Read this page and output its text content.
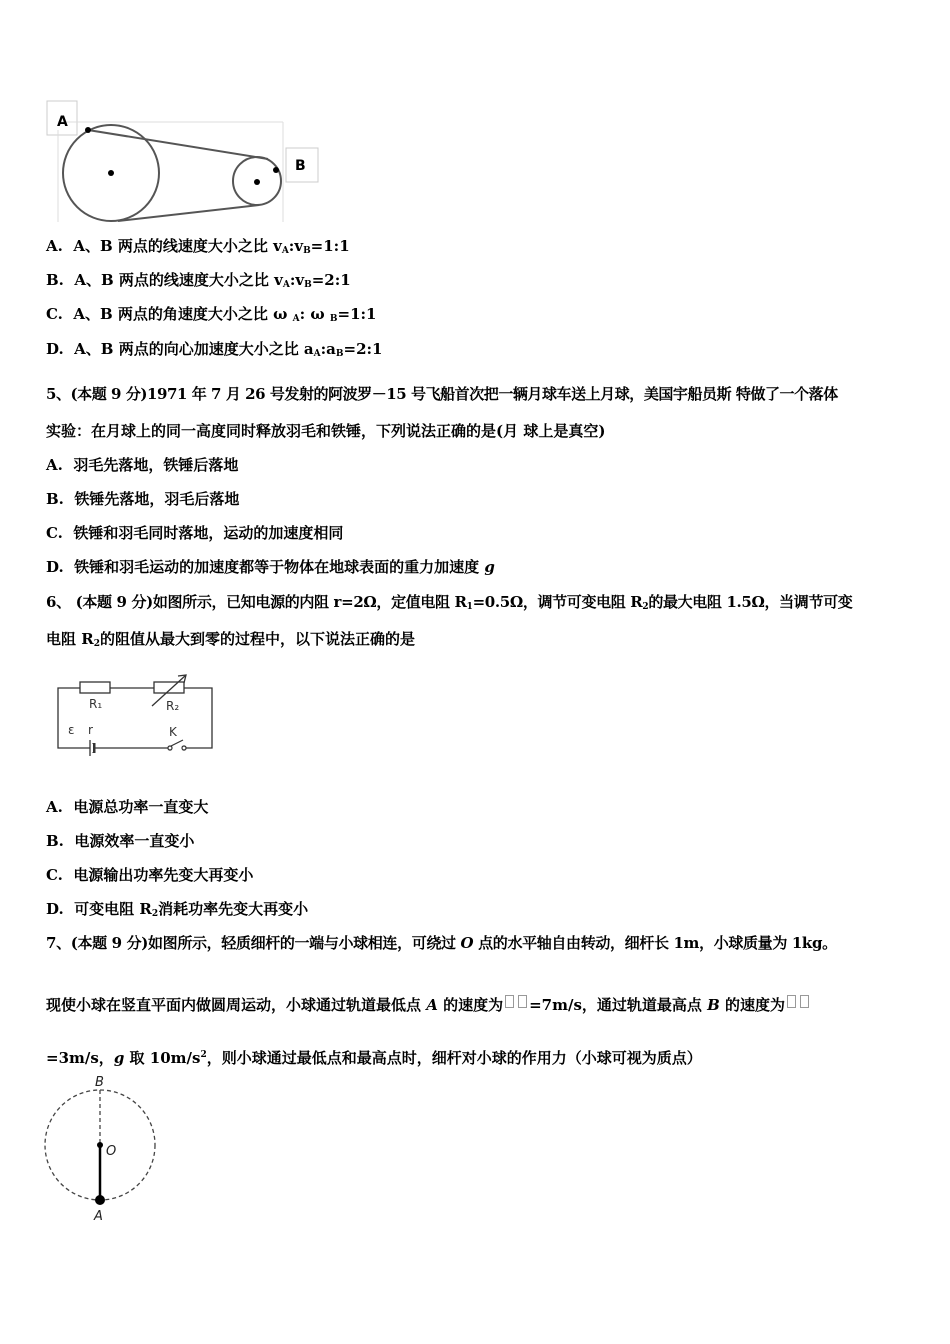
A
B
A. A、B 两点的线速度大小之比 $v_A:v_B=1:1$
B. A、B 两点的线速度大小之比 $v_A:v_B=2:1$
C. A、B 两点的角速度大小之比 ω $_A$: ω $_B$=1:1
D. A、B 两点的向心加速度大小之比 $a_A:a_B=2:1$
5、(本题 9 分)1971 年 7 月 26 号发射的阿波罗－15 号飞船首次把一辆月球车送上月球，美国宇船员斯 特做了一个落体
实验：在月球上的同一高度同时释放羽毛和铁锤，下列说法正确的是(月 球上是真空)
A. 羽毛先落地，铁锤后落地
B. 铁锤先落地，羽毛后落地
C. 铁锤和羽毛同时落地，运动的加速度相同
D. 铁锤和羽毛运动的加速度都等于物体在地球表面的重力加速度 g
6、 (本题 9 分)如图所示，已知电源的内阻 r=2Ω，定值电阻 $R_1=0.5\Omega$，调节可变电阻 $R_2$的最大电阻 1.5Ω，当调节可变
电阻 $R_2$的阻值从最大到零的过程中，以下说法正确的是
R₁	R₂
ε r	K
A. 电源总功率一直变大
B. 电源效率一直变小
C. 电源输出功率先变大再变小
D. 可变电阻 $R_2$消耗功率先变大再变小
7、(本题 9 分)如图所示，轻质细杆的一端与小球相连，可绕过 O 点的水平轴自由转动，细杆长 1m，小球质量为 1kg。
现使小球在竖直平面内做圆周运动，小球通过轨道最低点 A 的速度为 =7m/s，通过轨道最高点 B 的速度为
=3m/s，g 取 $10m/s^2$，则小球通过最低点和最高点时，细杆对小球的作用力（小球可视为质点）
B
O
A
